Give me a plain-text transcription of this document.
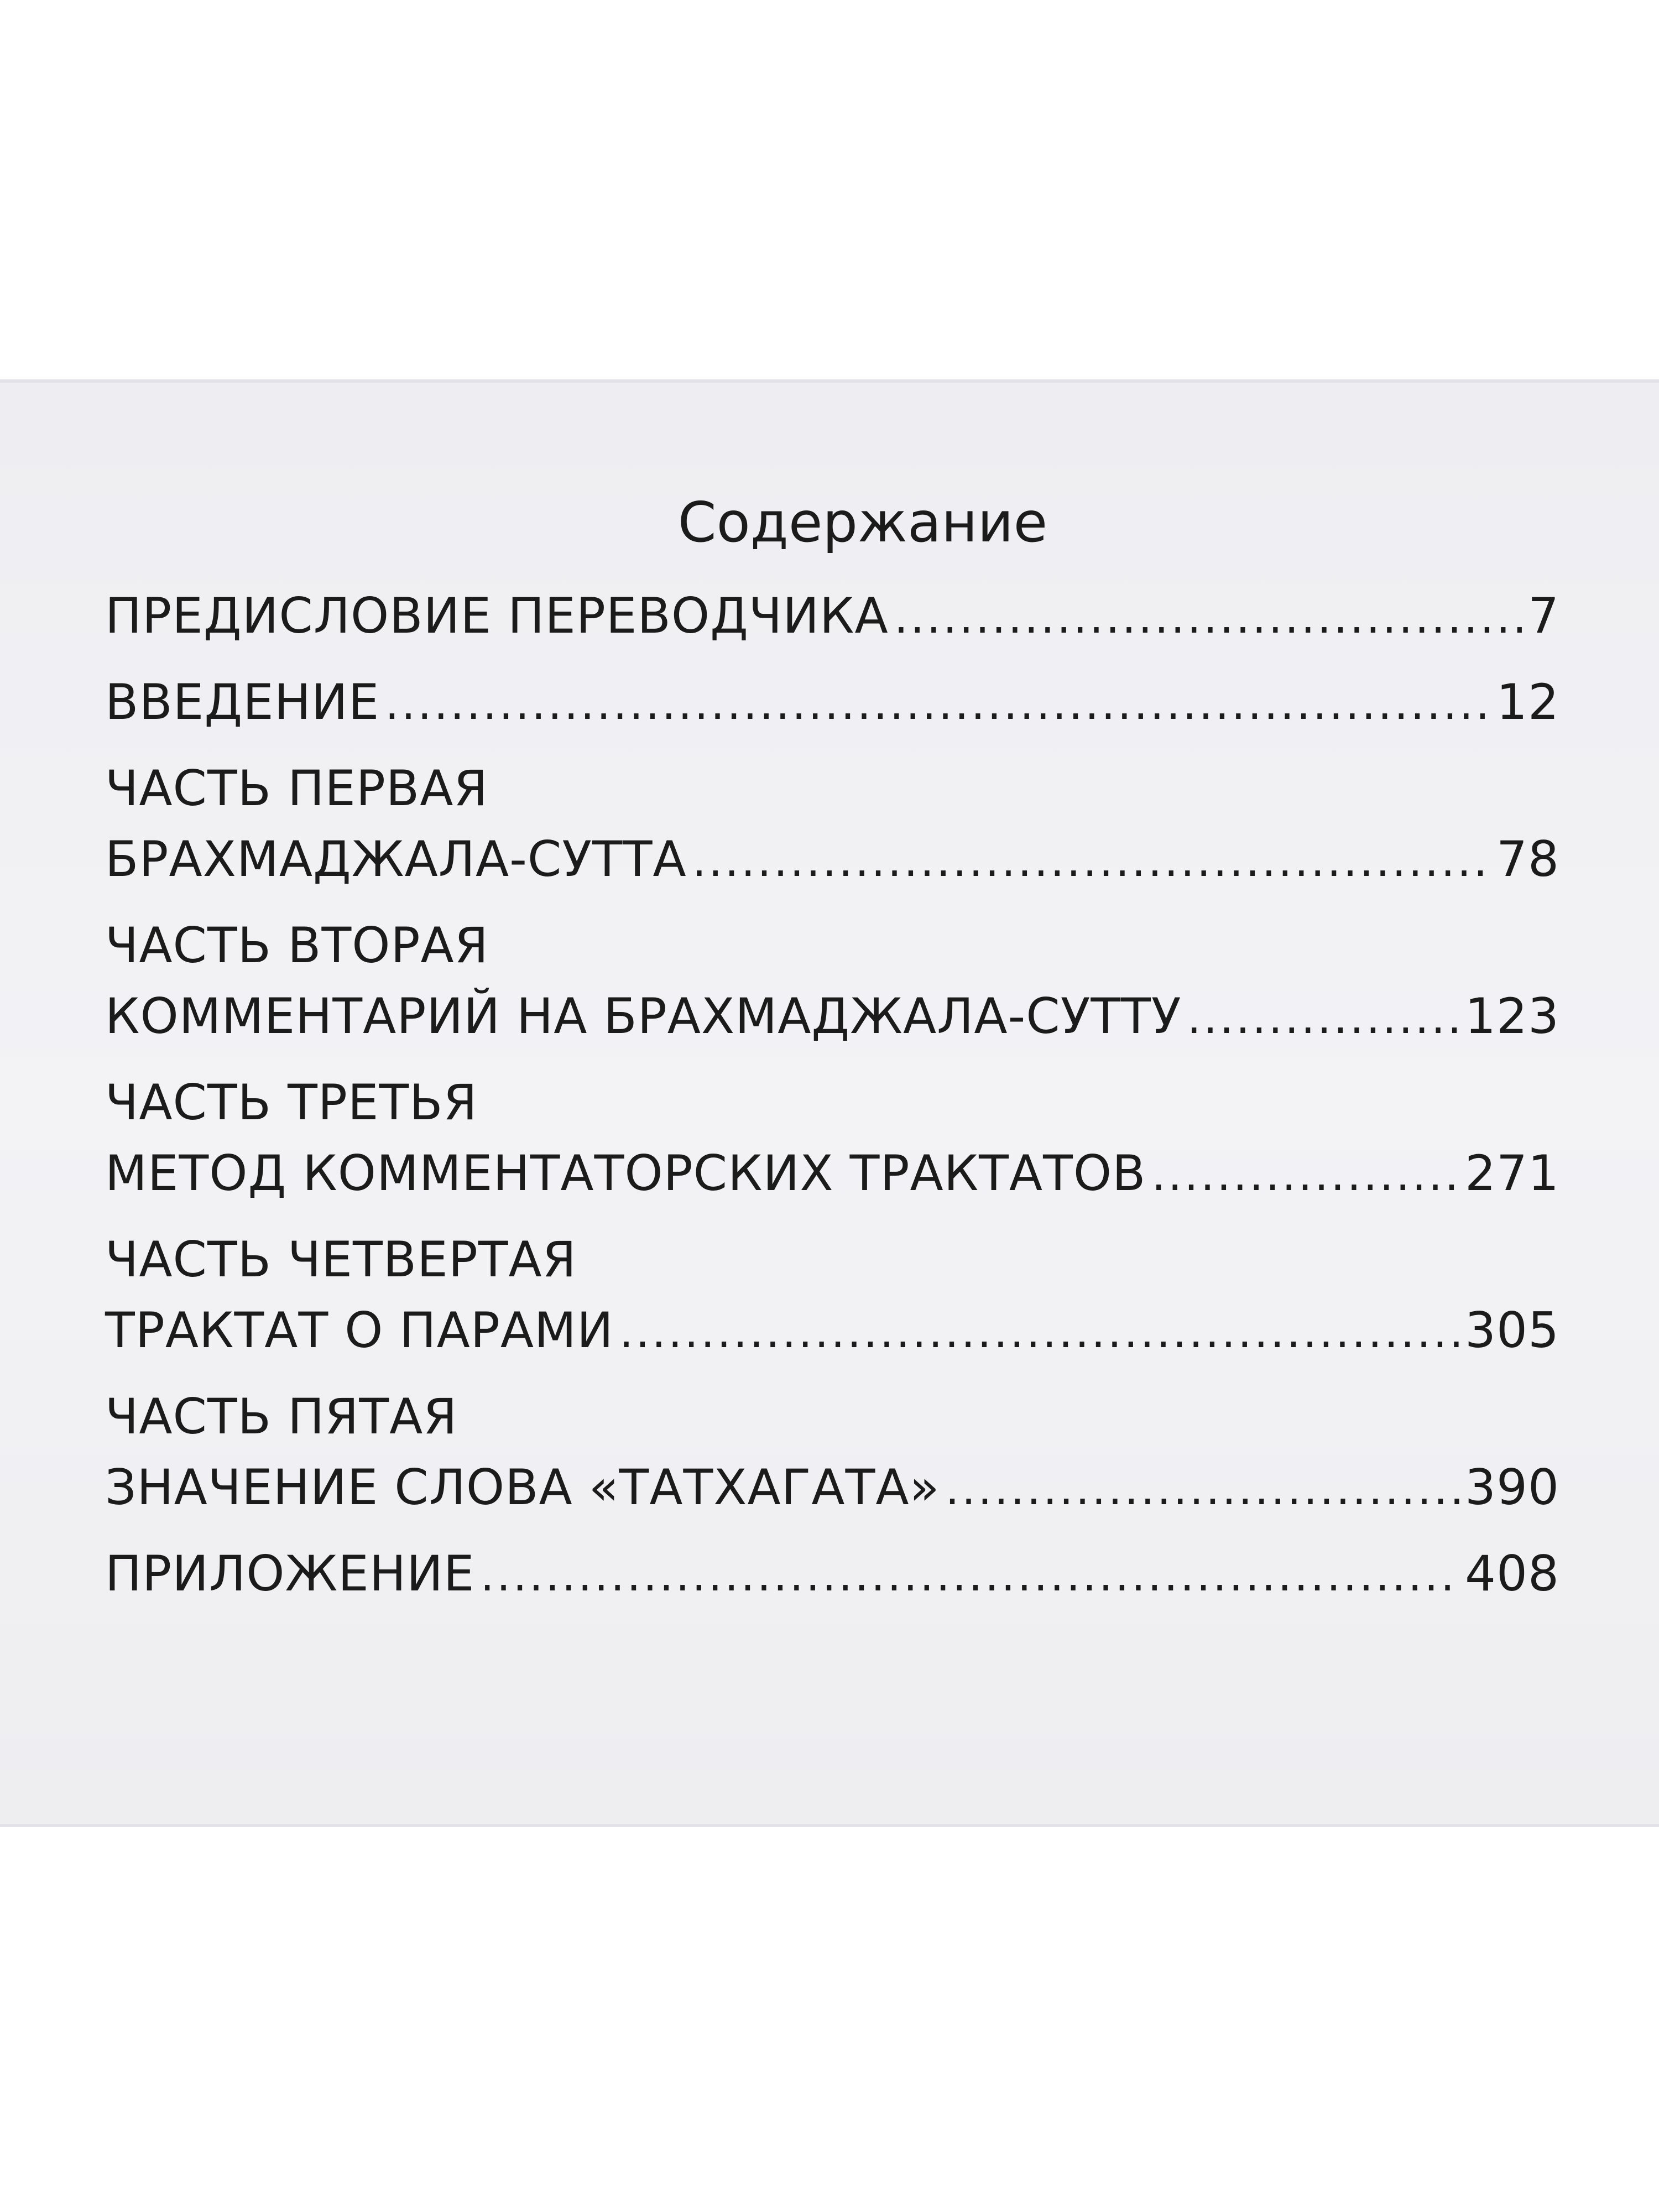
Содержание
ПРЕДИСЛОВИЕ ПЕРЕВОДЧИКА .....	7
ВВЕДЕНИЕ .....	12
ЧАСТЬ ПЕРВАЯ
БРАХМАДЖАЛА-СУТТА .....	78
ЧАСТЬ ВТОРАЯ
КОММЕНТАРИЙ НА БРАХМАДЖАЛА-СУТТУ .....	123
ЧАСТЬ ТРЕТЬЯ
МЕТОД КОММЕНТАТОРСКИХ ТРАКТАТОВ .....	271
ЧАСТЬ ЧЕТВЕРТАЯ
ТРАКТАТ О ПАРАМИ .....	305
ЧАСТЬ ПЯТАЯ
ЗНАЧЕНИЕ СЛОВА «ТАТХАГАТА» .....	390
ПРИЛОЖЕНИЕ .....	408
